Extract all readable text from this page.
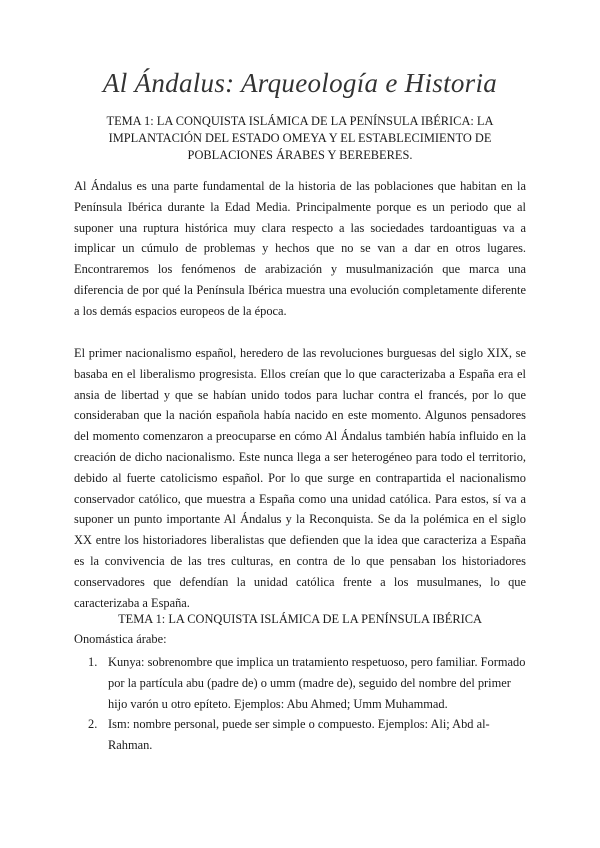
Al Ándalus: Arqueología e Historia
TEMA 1: LA CONQUISTA ISLÁMICA DE LA PENÍNSULA IBÉRICA: LA IMPLANTACIÓN DEL ESTADO OMEYA Y EL ESTABLECIMIENTO DE POBLACIONES ÁRABES Y BEREBERES.
Al Ándalus es una parte fundamental de la historia de las poblaciones que habitan en la Península Ibérica durante la Edad Media. Principalmente porque es un periodo que al suponer una ruptura histórica muy clara respecto a las sociedades tardoantiguas va a implicar un cúmulo de problemas y hechos que no se van a dar en otros lugares. Encontraremos los fenómenos de arabización y musulmanización que marca una diferencia de por qué la Península Ibérica muestra una evolución completamente diferente a los demás espacios europeos de la época.
El primer nacionalismo español, heredero de las revoluciones burguesas del siglo XIX, se basaba en el liberalismo progresista. Ellos creían que lo que caracterizaba a España era el ansia de libertad y que se habían unido todos para luchar contra el francés, por lo que consideraban que la nación española había nacido en este momento. Algunos pensadores del momento comenzaron a preocuparse en cómo Al Ándalus también había influido en la creación de dicho nacionalismo. Este nunca llega a ser heterogéneo para todo el territorio, debido al fuerte catolicismo español. Por lo que surge en contrapartida el nacionalismo conservador católico, que muestra a España como una unidad católica. Para estos, sí va a suponer un punto importante Al Ándalus y la Reconquista. Se da la polémica en el siglo XX entre los historiadores liberalistas que defienden que la idea que caracteriza a España es la convivencia de las tres culturas, en contra de lo que pensaban los historiadores conservadores que defendían la unidad católica frente a los musulmanes, lo que caracterizaba a España.
TEMA 1: LA CONQUISTA ISLÁMICA DE LA PENÍNSULA IBÉRICA
Onomástica árabe:
1. Kunya: sobrenombre que implica un tratamiento respetuoso, pero familiar. Formado por la partícula abu (padre de) o umm (madre de), seguido del nombre del primer hijo varón u otro epíteto. Ejemplos: Abu Ahmed; Umm Muhammad.
2. Ism: nombre personal, puede ser simple o compuesto. Ejemplos: Ali; Abd al-Rahman.
